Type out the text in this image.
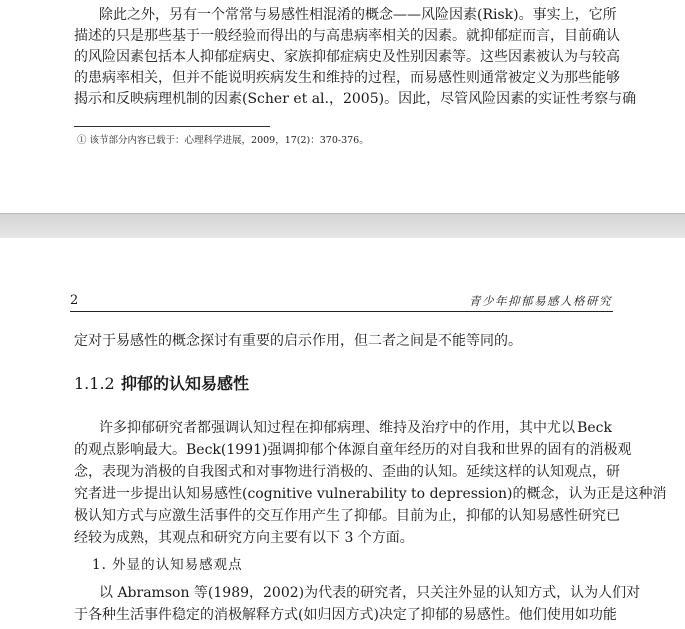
除此之外，另有一个常常与易感性相混淆的概念——风险因素(Risk)。事实上，它所
描述的只是那些基于一般经验而得出的与高患病率相关的因素。就抑郁症而言，目前确认
的风险因素包括本人抑郁症病史、家族抑郁症病史及性别因素等。这些因素被认为与较高
的患病率相关，但并不能说明疾病发生和维持的过程，而易感性则通常被定义为那些能够
揭示和反映病理机制的因素(Scher et al.，2005)。因此，尽管风险因素的实证性考察与确
① 该节部分内容已载于：心理科学进展，2009，17(2)：370-376。
2	青少年抑郁易感人格研究
定对于易感性的概念探讨有重要的启示作用，但二者之间是不能等同的。
1.1.2 抑郁的认知易感性
许多抑郁研究者都强调认知过程在抑郁病理、维持及治疗中的作用，其中尤以 Beck
的观点影响最大。Beck(1991)强调抑郁个体源自童年经历的对自我和世界的固有的消极观
念，表现为消极的自我图式和对事物进行消极的、歪曲的认知。延续这样的认知观点，研
究者进一步提出认知易感性(cognitive vulnerability to depression)的概念，认为正是这种消
极认知方式与应激生活事件的交互作用产生了抑郁。目前为止，抑郁的认知易感性研究已
经较为成熟，其观点和研究方向主要有以下 3 个方面。
1. 外显的认知易感观点
以 Abramson 等(1989，2002)为代表的研究者，只关注外显的认知方式，认为人们对
于各种生活事件稳定的消极解释方式(如归因方式)决定了抑郁的易感性。他们使用如功能
